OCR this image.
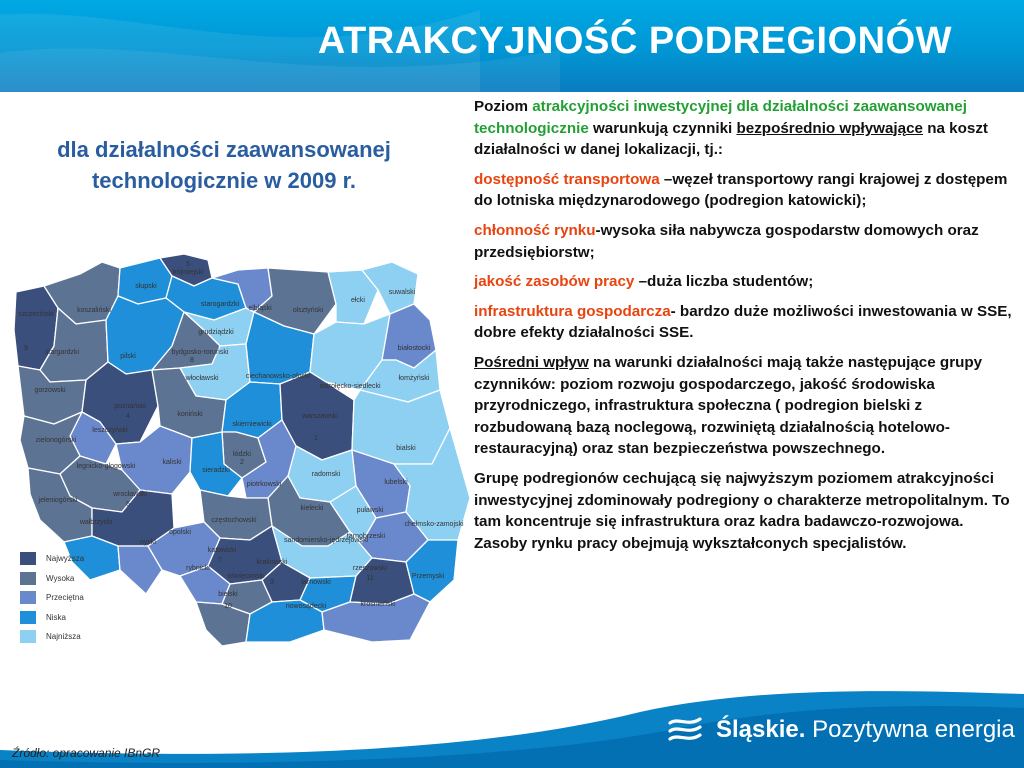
ATRAKCYJNOŚĆ PODREGIONÓW
dla działalności zaawansowanej technologicznie w 2009 r.
5
trójmiejski
słupski
koszaliński
szczeciński
9
elbląski
starogardzki
olsztyński
ełcki
suwalski
grudziądzki
bydgosko-toruński
8
pilski
stargardzki
włocławski	ciechanowsko-płocki
ostrołęcko-siedlecki
białostocki
łomżyński
gorzowski
poznański
4	koniński
leszczyński
zielonogórski
skierniewicki
warszawski
1
kaliski
łódzki
2
sieradzki
legnicko-głogowski
bialski
radomski
piotrkowski
jeleniogórski
wrocławski
6
lubelski
kielecki
wałbrzyski
puławski
chełmsko-zamojski
nyski
opolski
częstochowski
tarnobrzeski
sandomiersko-jędrzejowski
katowicki
7	krakowski
3
rybnicki
oświęcimski
rzeszowski
11	Przemyski
tarnowski
bielski
10	nowosądecki	krośnieński
Najwyższa
Wysoka
Przeciętna
Niska
Najniższa

Poziom atrakcyjności inwestycyjnej dla działalności zaawansowanej technologicznie warunkują czynniki bezpośrednio wpływające na koszt działalności w danej lokalizacji, tj.:

dostępność transportowa –węzeł transportowy rangi krajowej z dostępem do lotniska międzynarodowego (podregion katowicki);

chłonność rynku-wysoka siła nabywcza gospodarstw domowych oraz przedsiębiorstw;

jakość zasobów pracy –duża liczba studentów;

infrastruktura gospodarcza- bardzo duże możliwości inwestowania w SSE, dobre efekty działalności SSE.

Pośredni wpływ na warunki działalności mają także następujące grupy czynników: poziom rozwoju gospodarczego, jakość środowiska przyrodniczego, infrastruktura społeczna ( podregion bielski z rozbudowaną bazą noclegową, rozwiniętą działalnością hotelowo-restauracyjną) oraz stan bezpieczeństwa powszechnego.

Grupę podregionów cechującą się najwyższym poziomem atrakcyjności inwestycyjnej zdominowały podregiony o charakterze metropolitalnym. To tam koncentruje się infrastruktura oraz kadra badawczo-rozwojowa. Zasoby rynku pracy obejmują wykształconych specjalistów.

Śląskie. Pozytywna energia
Źródło: opracowanie IBnGR
